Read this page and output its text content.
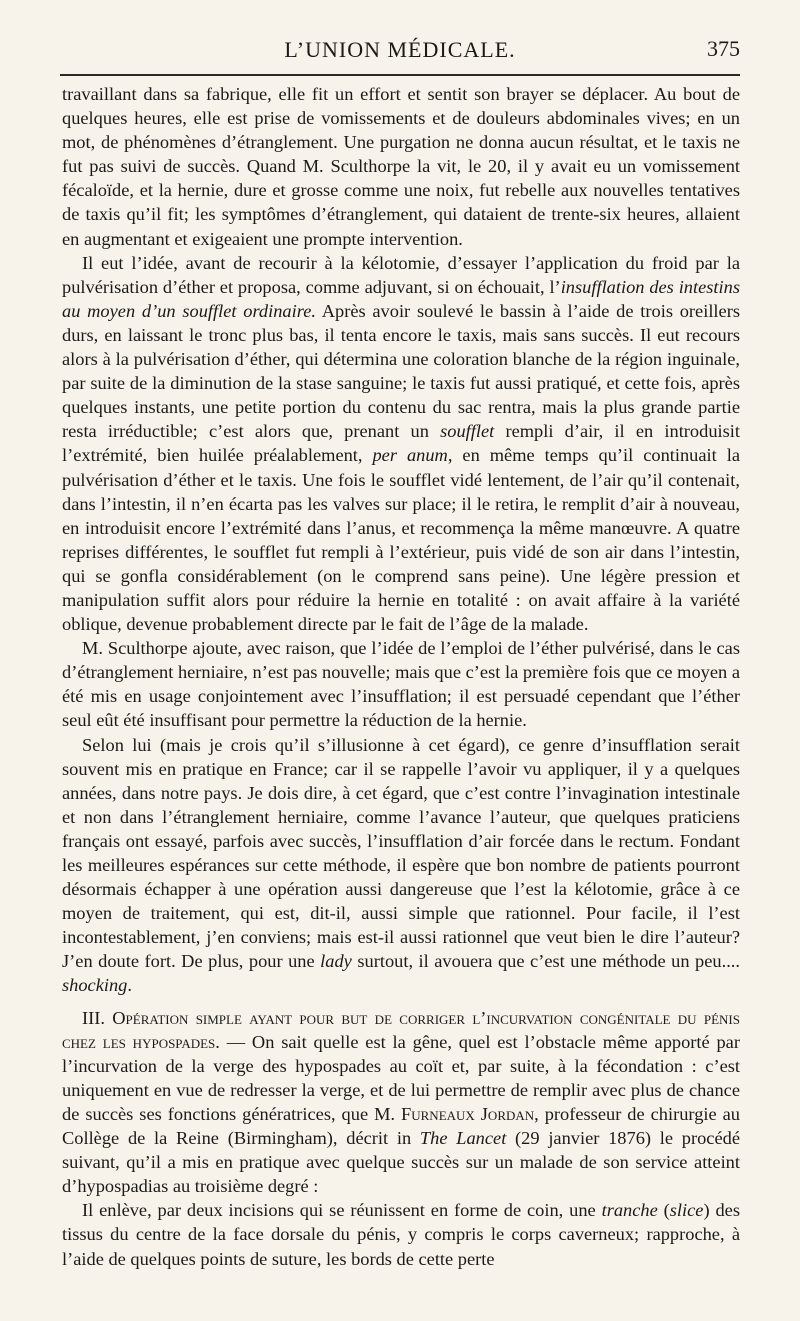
L’UNION MÉDICALE.	375

travaillant dans sa fabrique, elle fit un effort et sentit son brayer se déplacer. Au bout de quelques heures, elle est prise de vomissements et de douleurs abdominales vives; en un mot, de phénomènes d’étranglement. Une purgation ne donna aucun résultat, et le taxis ne fut pas suivi de succès. Quand M. Sculthorpe la vit, le 20, il y avait eu un vomissement fécaloïde, et la hernie, dure et grosse comme une noix, fut rebelle aux nouvelles tentatives de taxis qu’il fit; les symptômes d’étranglement, qui dataient de trente-six heures, allaient en augmentant et exigeaient une prompte intervention.

Il eut l’idée, avant de recourir à la kélotomie, d’essayer l’application du froid par la pulvérisation d’éther et proposa, comme adjuvant, si on échouait, l’insufflation des intestins au moyen d’un soufflet ordinaire. Après avoir soulevé le bassin à l’aide de trois oreillers durs, en laissant le tronc plus bas, il tenta encore le taxis, mais sans succès. Il eut recours alors à la pulvérisation d’éther, qui détermina une coloration blanche de la région inguinale, par suite de la diminution de la stase sanguine; le taxis fut aussi pratiqué, et cette fois, après quelques instants, une petite portion du contenu du sac rentra, mais la plus grande partie resta irréductible; c’est alors que, prenant un soufflet rempli d’air, il en introduisit l’extrémité, bien huilée préalablement, per anum, en même temps qu’il continuait la pulvérisation d’éther et le taxis. Une fois le soufflet vidé lentement, de l’air qu’il contenait, dans l’intestin, il n’en écarta pas les valves sur place; il le retira, le remplit d’air à nouveau, en introduisit encore l’extrémité dans l’anus, et recommença la même manœuvre. A quatre reprises différentes, le soufflet fut rempli à l’extérieur, puis vidé de son air dans l’intestin, qui se gonfla considérablement (on le comprend sans peine). Une légère pression et manipulation suffit alors pour réduire la hernie en totalité : on avait affaire à la variété oblique, devenue probablement directe par le fait de l’âge de la malade.

M. Sculthorpe ajoute, avec raison, que l’idée de l’emploi de l’éther pulvérisé, dans le cas d’étranglement herniaire, n’est pas nouvelle; mais que c’est la première fois que ce moyen a été mis en usage conjointement avec l’insufflation; il est persuadé cependant que l’éther seul eût été insuffisant pour permettre la réduction de la hernie.

Selon lui (mais je crois qu’il s’illusionne à cet égard), ce genre d’insufflation serait souvent mis en pratique en France; car il se rappelle l’avoir vu appliquer, il y a quelques années, dans notre pays. Je dois dire, à cet égard, que c’est contre l’invagination intestinale et non dans l’étranglement herniaire, comme l’avance l’auteur, que quelques praticiens français ont essayé, parfois avec succès, l’insufflation d’air forcée dans le rectum. Fondant les meilleures espérances sur cette méthode, il espère que bon nombre de patients pourront désormais échapper à une opération aussi dangereuse que l’est la kélotomie, grâce à ce moyen de traitement, qui est, dit-il, aussi simple que rationnel. Pour facile, il l’est incontestablement, j’en conviens; mais est-il aussi rationnel que veut bien le dire l’auteur? J’en doute fort. De plus, pour une lady surtout, il avouera que c’est une méthode un peu.... shocking.

III. Opération simple ayant pour but de corriger l’incurvation congénitale du pénis chez les hypospades. — On sait quelle est la gêne, quel est l’obstacle même apporté par l’incurvation de la verge des hypospades au coït et, par suite, à la fécondation : c’est uniquement en vue de redresser la verge, et de lui permettre de remplir avec plus de chance de succès ses fonctions génératrices, que M. Furneaux Jordan, professeur de chirurgie au Collège de la Reine (Birmingham), décrit in The Lancet (29 janvier 1876) le procédé suivant, qu’il a mis en pratique avec quelque succès sur un malade de son service atteint d’hypospadias au troisième degré :

Il enlève, par deux incisions qui se réunissent en forme de coin, une tranche (slice) des tissus du centre de la face dorsale du pénis, y compris le corps caverneux; rapproche, à l’aide de quelques points de suture, les bords de cette perte
